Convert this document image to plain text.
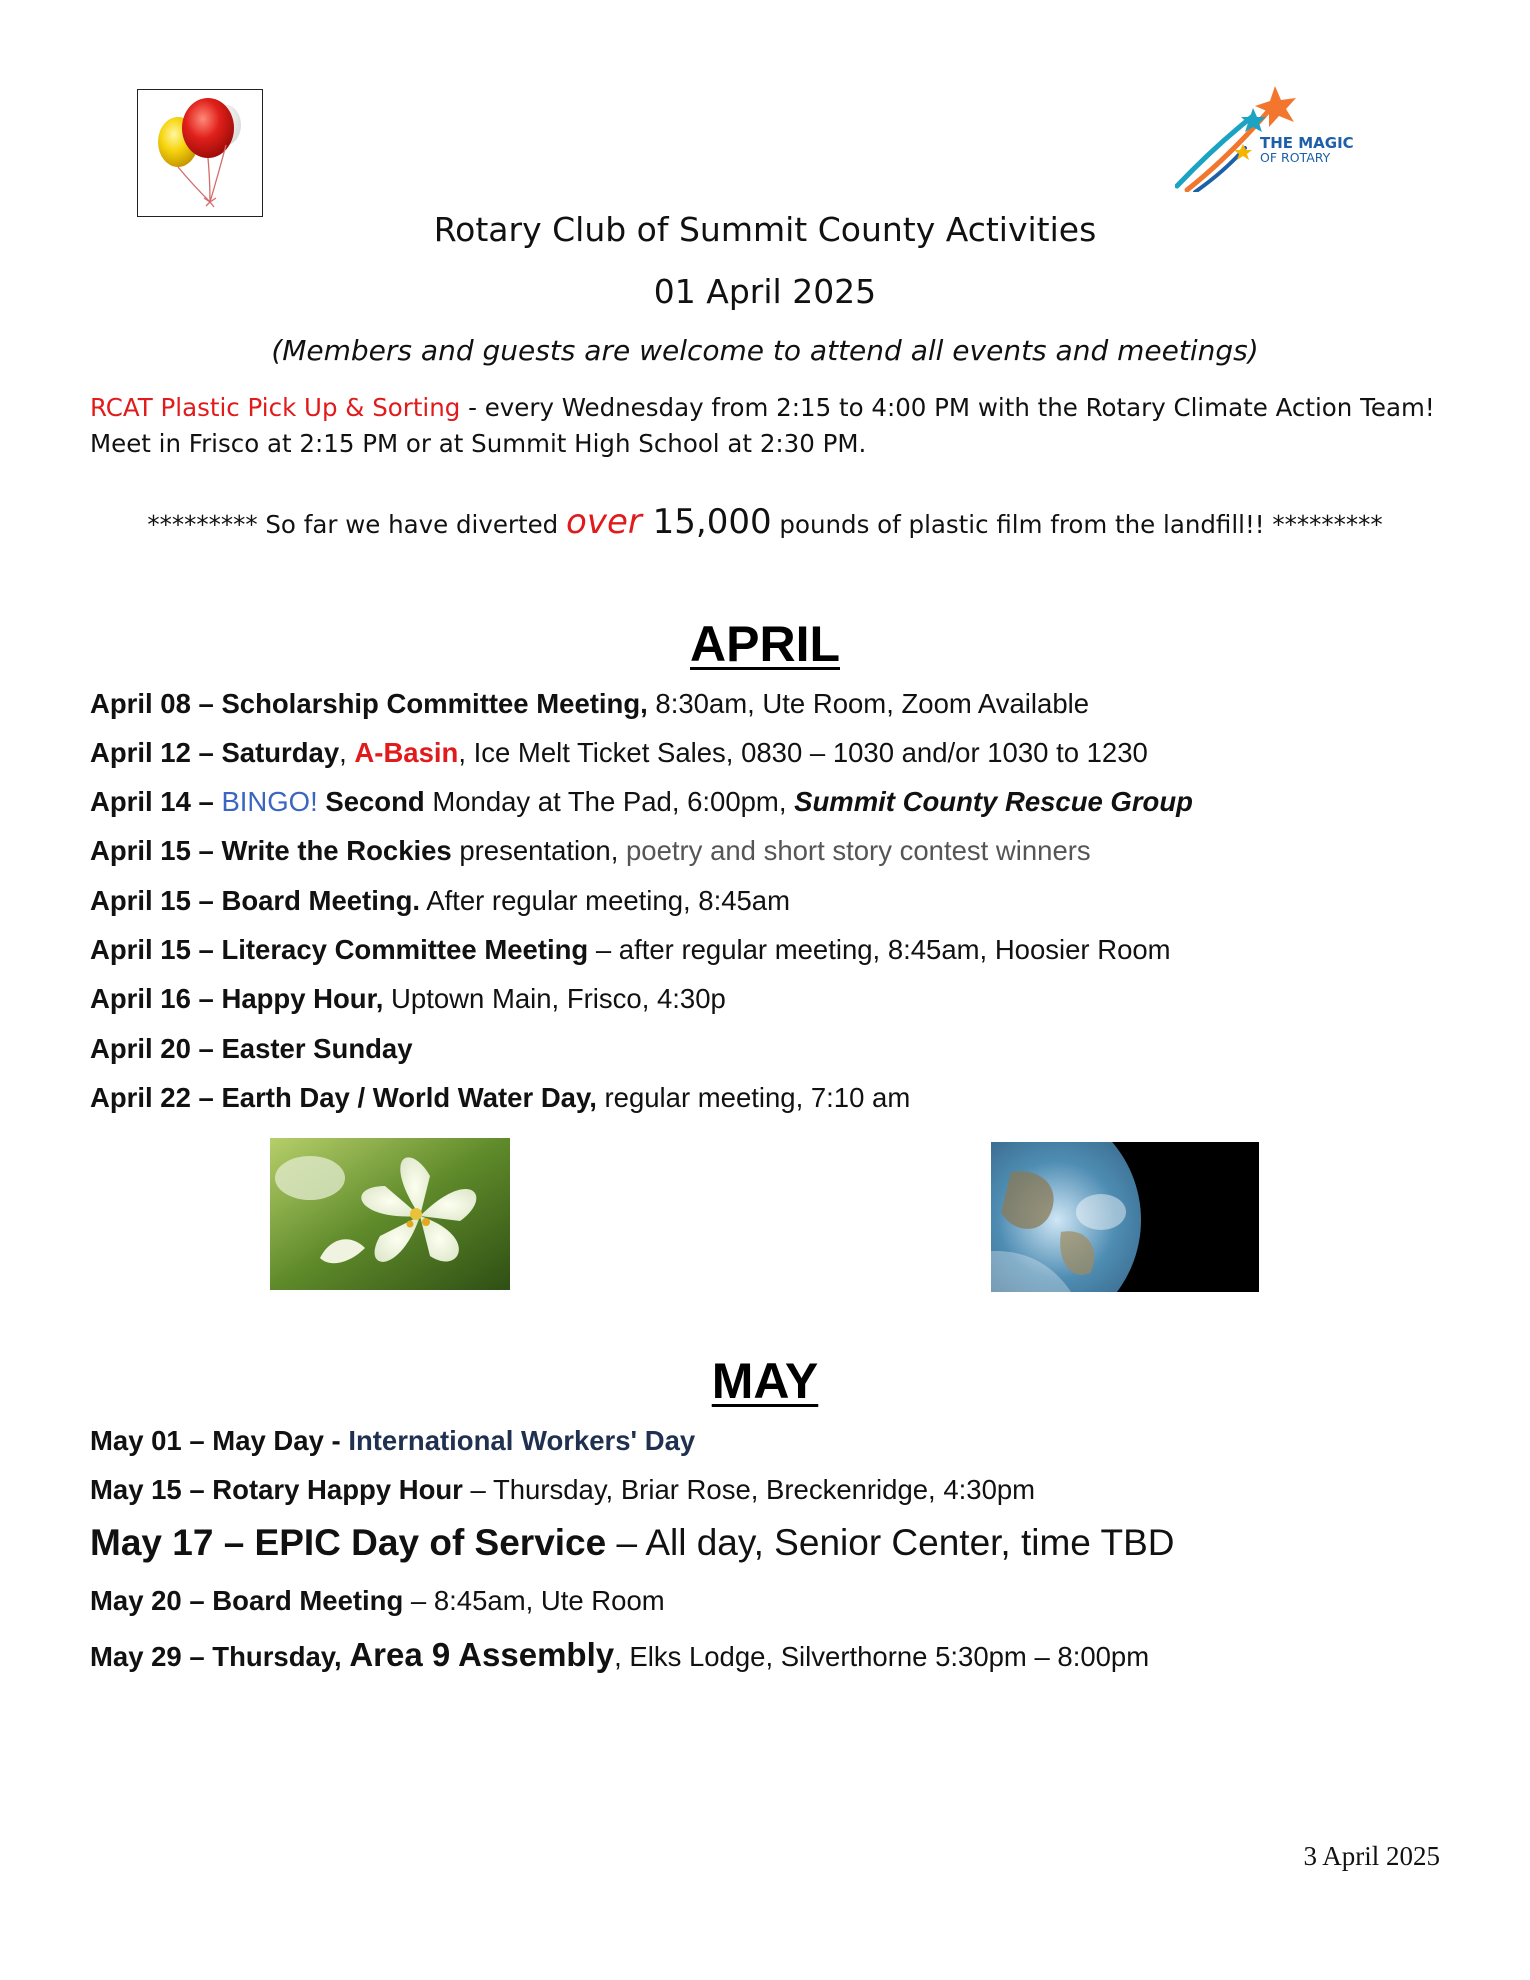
THE MAGIC
OF ROTARY
Rotary Club of Summit County Activities
01 April 2025
(Members and guests are welcome to attend all events and meetings)
RCAT Plastic Pick Up & Sorting - every Wednesday from 2:15 to 4:00 PM with the Rotary Climate Action Team! Meet in Frisco at 2:15 PM or at Summit High School at 2:30 PM.
********* So far we have diverted over 15,000 pounds of plastic film from the landfill!! *********
APRIL
April 08 – Scholarship Committee Meeting, 8:30am, Ute Room, Zoom Available
April 12 – Saturday, A-Basin, Ice Melt Ticket Sales, 0830 – 1030 and/or 1030 to 1230
April 14 – BINGO! Second Monday at The Pad, 6:00pm, Summit County Rescue Group
April 15 – Write the Rockies presentation, poetry and short story contest winners
April 15 – Board Meeting. After regular meeting, 8:45am
April 15 – Literacy Committee Meeting – after regular meeting, 8:45am, Hoosier Room
April 16 – Happy Hour, Uptown Main, Frisco, 4:30p
April 20 – Easter Sunday
April 22 – Earth Day / World Water Day, regular meeting, 7:10 am
MAY
May 01 – May Day - International Workers' Day
May 15 – Rotary Happy Hour – Thursday, Briar Rose, Breckenridge, 4:30pm
May 17 – EPIC Day of Service – All day, Senior Center, time TBD
May 20 – Board Meeting – 8:45am, Ute Room
May 29 – Thursday, Area 9 Assembly, Elks Lodge, Silverthorne 5:30pm – 8:00pm
3 April 2025
